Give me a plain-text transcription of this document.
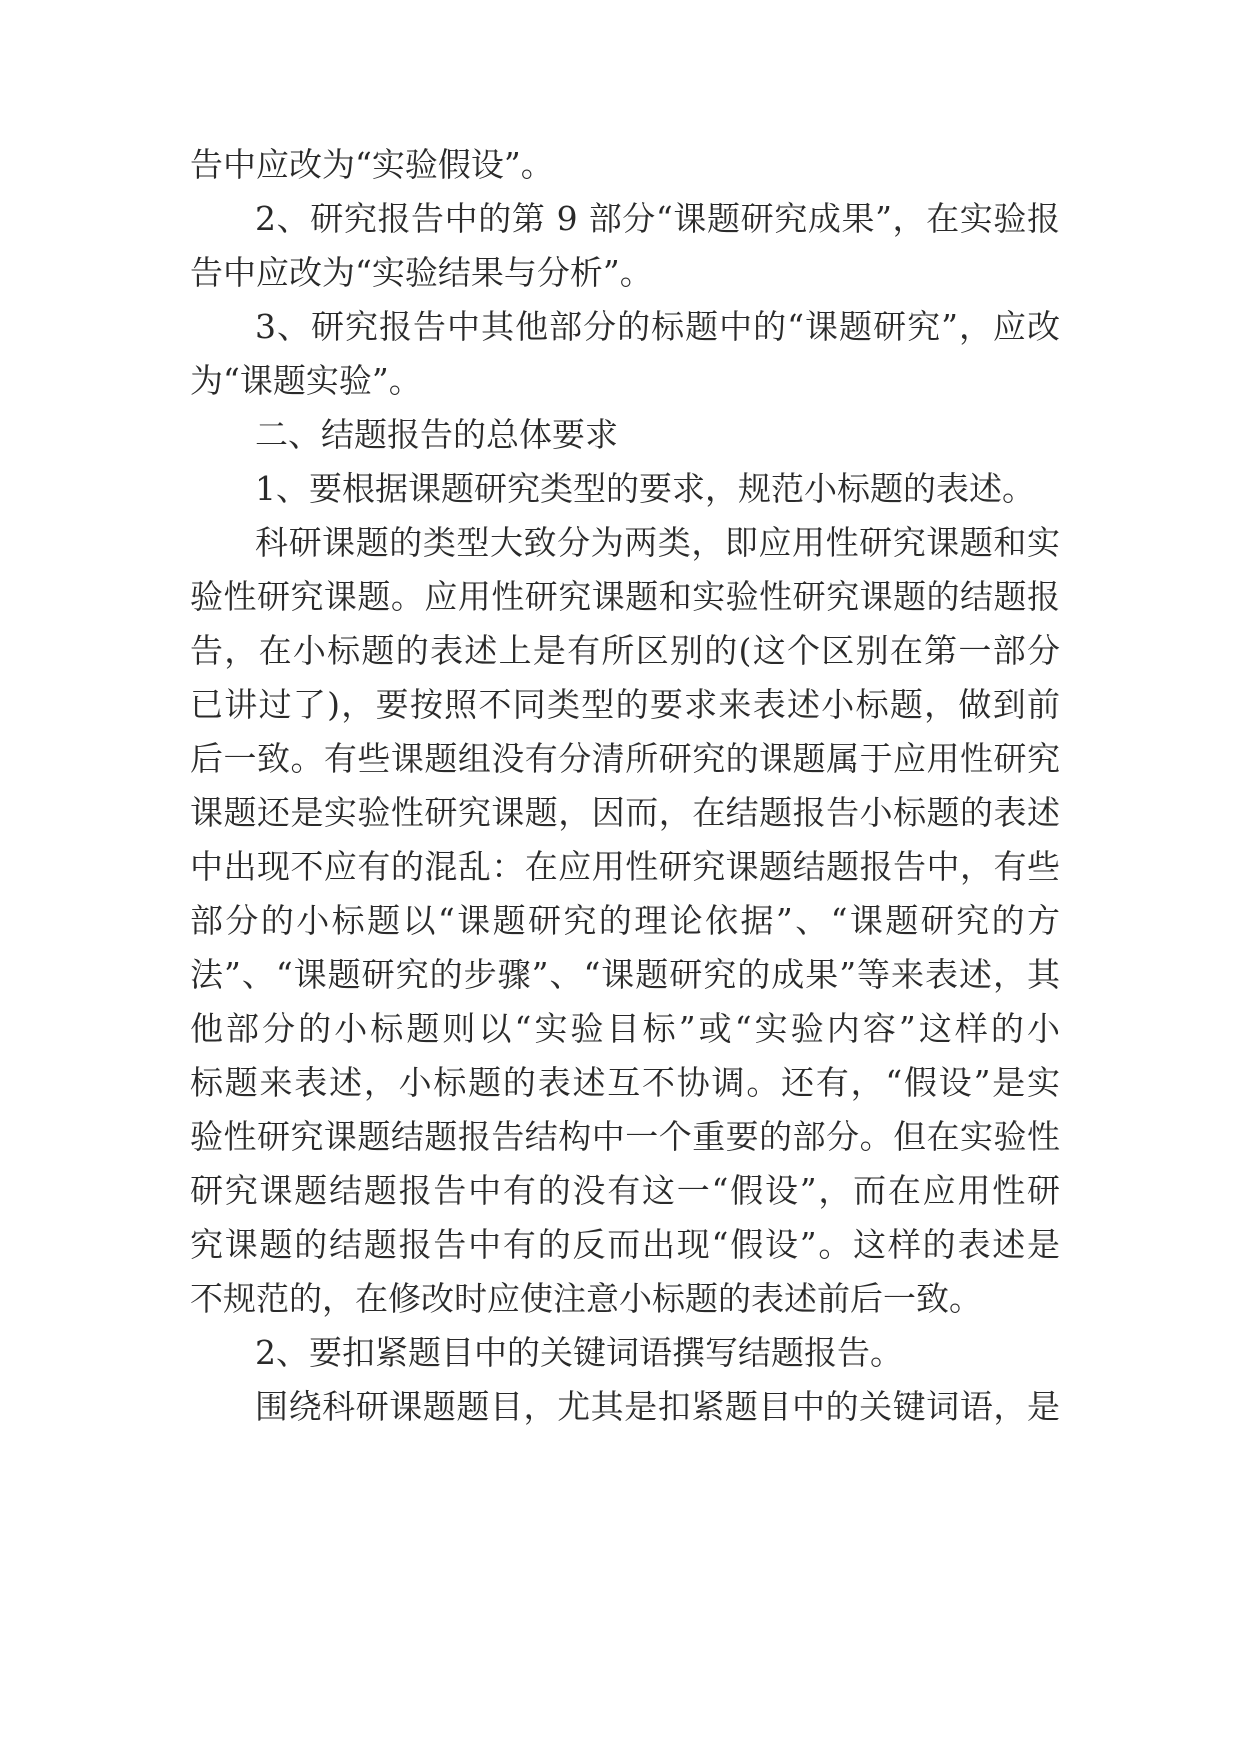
告中应改为“实验假设”。
2、研究报告中的第 9 部分“课题研究成果”，在实验报
告中应改为“实验结果与分析”。
3、研究报告中其他部分的标题中的“课题研究”，应改
为“课题实验”。
二、结题报告的总体要求
1、要根据课题研究类型的要求，规范小标题的表述。
科研课题的类型大致分为两类，即应用性研究课题和实
验性研究课题。应用性研究课题和实验性研究课题的结题报
告，在小标题的表述上是有所区别的(这个区别在第一部分
已讲过了)，要按照不同类型的要求来表述小标题，做到前
后一致。有些课题组没有分清所研究的课题属于应用性研究
课题还是实验性研究课题，因而，在结题报告小标题的表述
中出现不应有的混乱：在应用性研究课题结题报告中，有些
部分的小标题以“课题研究的理论依据”、“课题研究的方
法”、“课题研究的步骤”、“课题研究的成果”等来表述，其
他部分的小标题则以“实验目标”或“实验内容”这样的小
标题来表述，小标题的表述互不协调。还有，“假设”是实
验性研究课题结题报告结构中一个重要的部分。但在实验性
研究课题结题报告中有的没有这一“假设”，而在应用性研
究课题的结题报告中有的反而出现“假设”。这样的表述是
不规范的，在修改时应使注意小标题的表述前后一致。
2、要扣紧题目中的关键词语撰写结题报告。
围绕科研课题题目，尤其是扣紧题目中的关键词语，是
